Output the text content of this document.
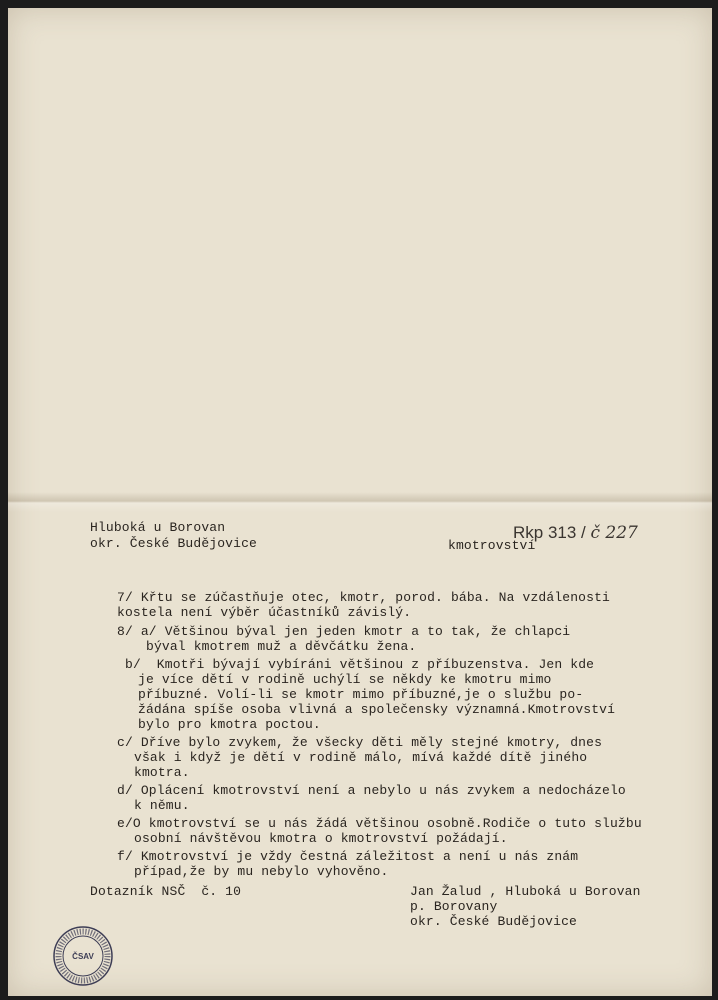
Hluboká u Borovan

okr. České Budějovice	kmotrovství

Rkp 313 / č 227

7/ Křtu se zúčastňuje otec, kmotr, porod. bába. Na vzdálenosti

kostela není výběr účastníků závislý.

8/ a/ Většinou býval jen jeden kmotr a to tak, že chlapci

býval kmotrem muž a děvčátku žena.

b/  Kmotři bývají vybíráni většinou z příbuzenstva. Jen kde

je více dětí v rodině uchýlí se někdy ke kmotru mimo

příbuzné. Volí-li se kmotr mimo příbuzné,je o službu po-

žádána spíše osoba vlivná a společensky významná.Kmotrovství

bylo pro kmotra poctou.

c/ Dříve bylo zvykem, že všecky děti měly stejné kmotry, dnes

však i když je dětí v rodině málo, mívá každé dítě jiného

kmotra.

d/ Oplácení kmotrovství není a nebylo u nás zvykem a nedocházelo

k němu.

e/O kmotrovství se u nás žádá většinou osobně.Rodiče o tuto službu

osobní návštěvou kmotra o kmotrovství požádají.

f/ Kmotrovství je vždy čestná záležitost a není u nás znám

případ,že by mu nebylo vyhověno.

Dotazník NSČ  č. 10	Jan Žalud , Hluboká u Borovan

p. Borovany

okr. České Budějovice

ČSAV
